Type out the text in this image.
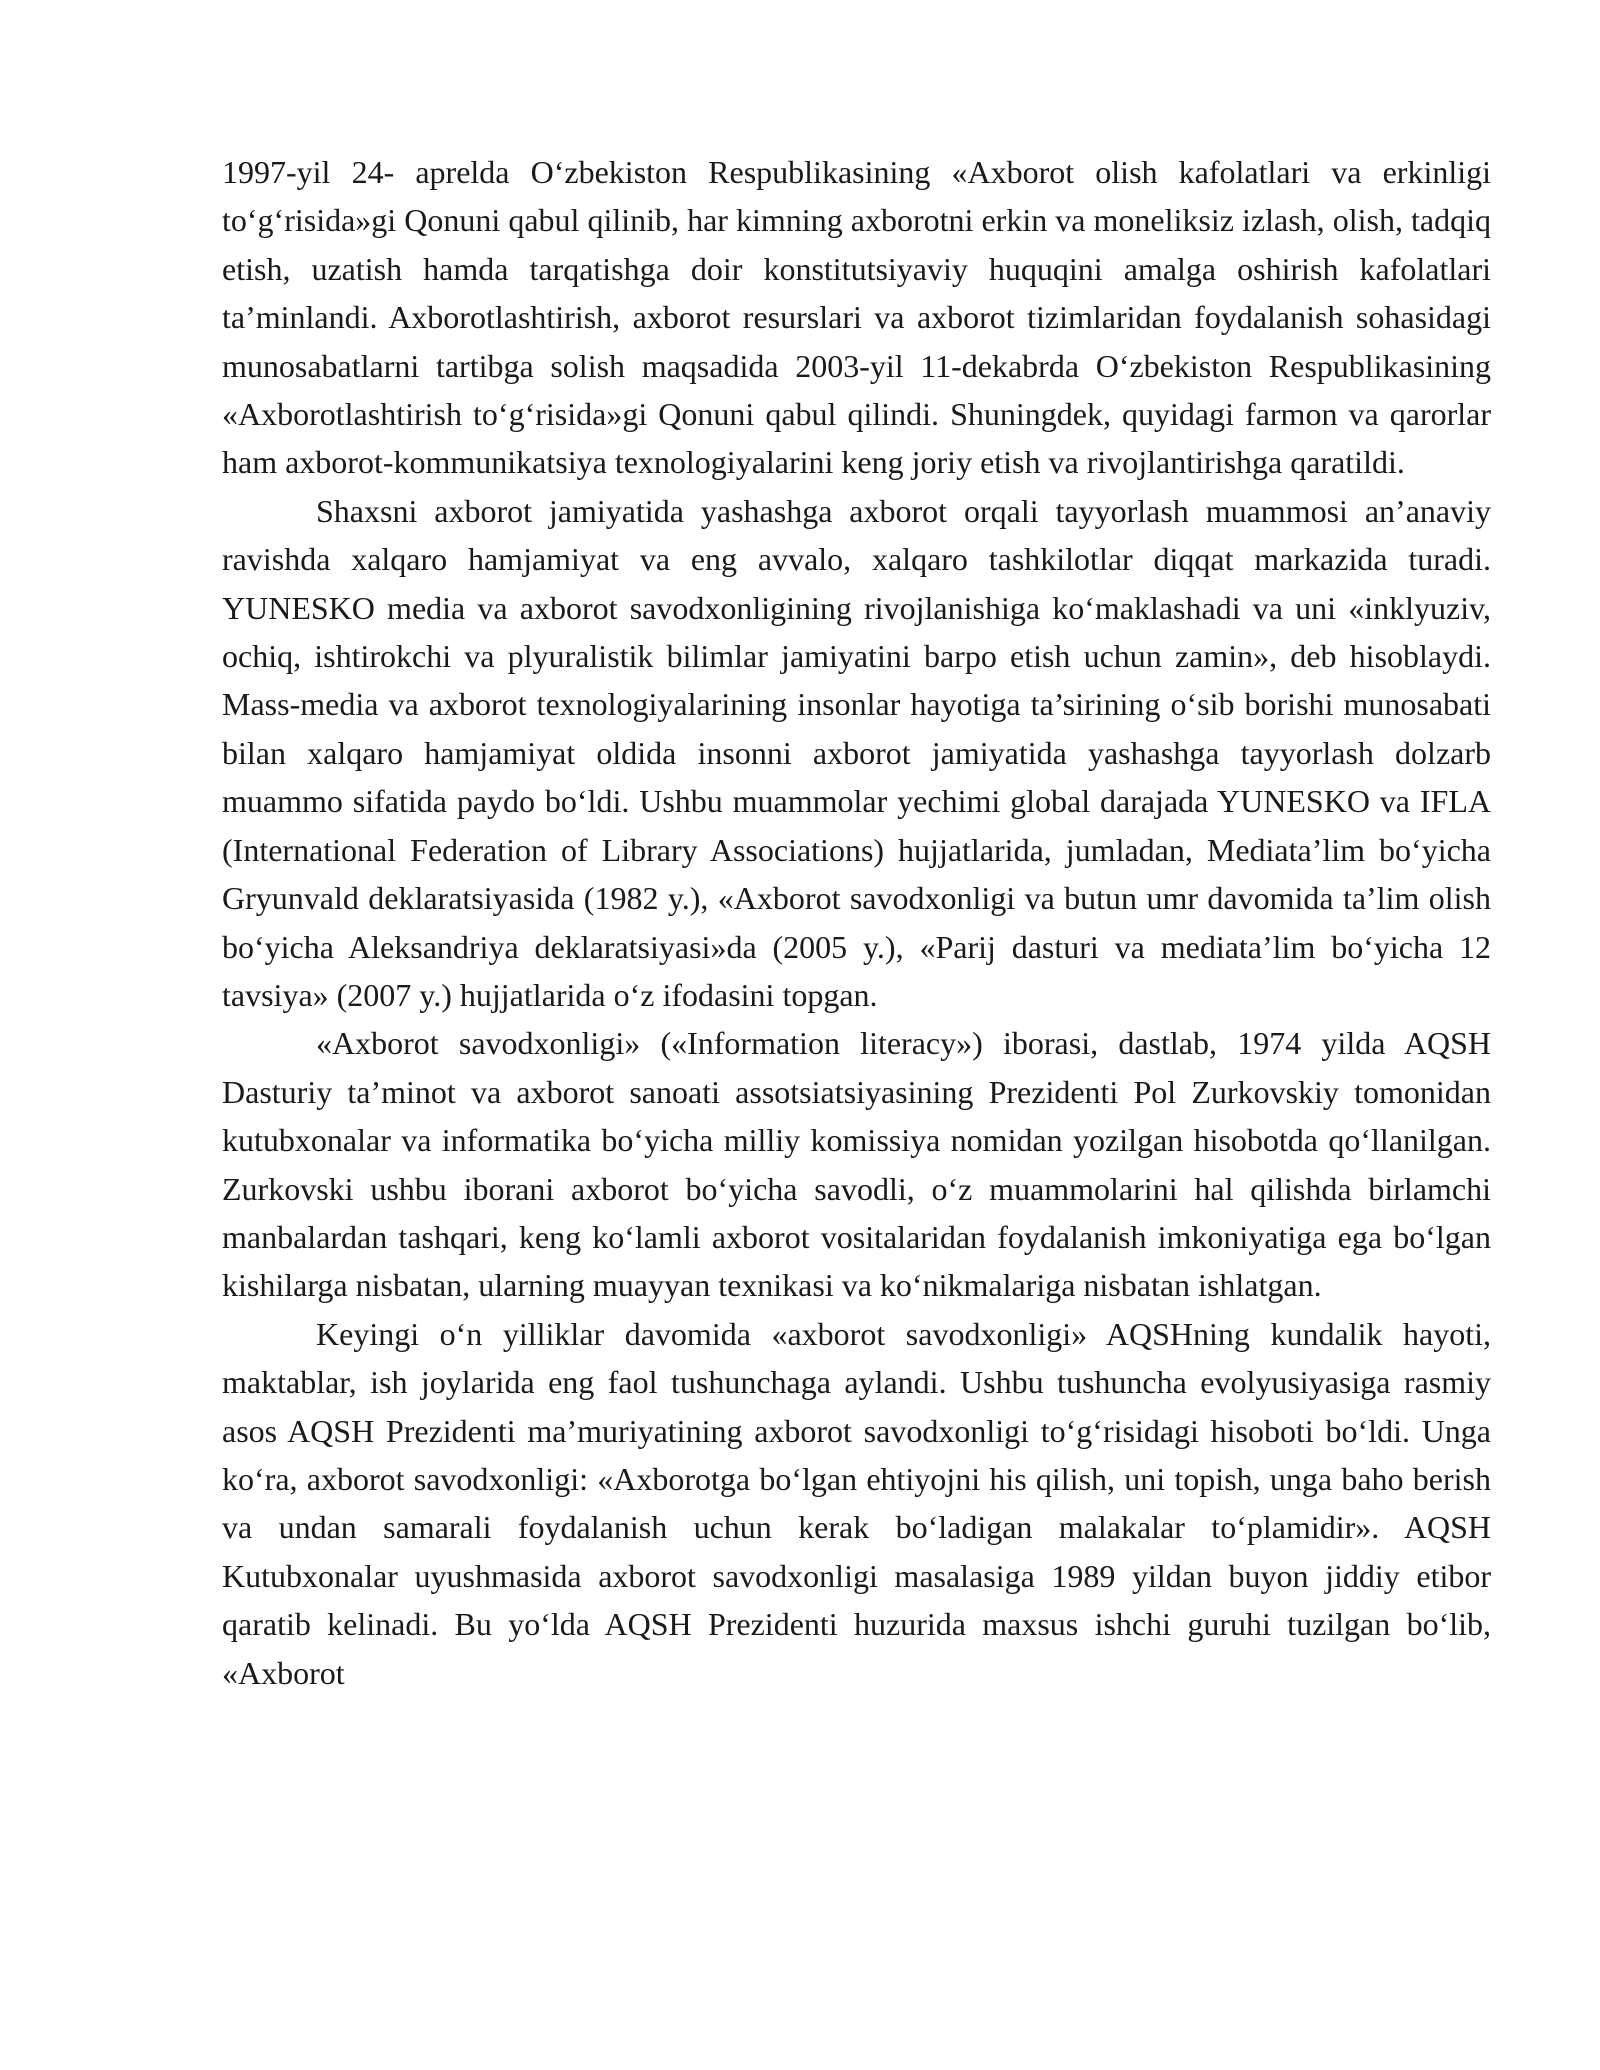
1997-yil 24- aprelda O‘zbekiston Respublikasining «Axborot olish kafolatlari va erkinligi to‘g‘risida»gi Qonuni qabul qilinib, har kimning axborotni erkin va moneliksiz izlash, olish, tadqiq etish, uzatish hamda tarqatishga doir konstitutsiyaviy huquqini amalga oshirish kafolatlari ta’minlandi. Axborotlashtirish, axborot resurslari va axborot tizimlaridan foydalanish sohasidagi munosabatlarni tartibga solish maqsadida 2003-yil 11-dekabrda O‘zbekiston Respublikasining «Axborotlashtirish to‘g‘risida»gi Qonuni qabul qilindi. Shuningdek, quyidagi farmon va qarorlar ham axborot-kommunikatsiya texnologiyalarini keng joriy etish va rivojlantirishga qaratildi.

Shaxsni axborot jamiyatida yashashga axborot orqali tayyorlash muammosi an’anaviy ravishda xalqaro hamjamiyat va eng avvalo, xalqaro tashkilotlar diqqat markazida turadi. YUNESKO media va axborot savodxonligining rivojlanishiga ko‘maklashadi va uni «inklyuziv, ochiq, ishtirokchi va plyuralistik bilimlar jamiyatini barpo etish uchun zamin», deb hisoblaydi. Mass-media va axborot texnologiyalarining insonlar hayotiga ta’sirining o‘sib borishi munosabati bilan xalqaro hamjamiyat oldida insonni axborot jamiyatida yashashga tayyorlash dolzarb muammo sifatida paydo bo‘ldi. Ushbu muammolar yechimi global darajada YUNESKO va IFLA (International Federation of Library Associations) hujjatlarida, jumladan, Mediata’lim bo‘yicha Gryunvald deklaratsiyasida (1982 y.), «Axborot savodxonligi va butun umr davomida ta’lim olish bo‘yicha Aleksandriya deklaratsiyasi»da (2005 y.), «Parij dasturi va mediata’lim bo‘yicha 12 tavsiya» (2007 y.) hujjatlarida o‘z ifodasini topgan.

«Axborot savodxonligi» («Information literacy») iborasi, dastlab, 1974 yilda AQSH Dasturiy ta’minot va axborot sanoati assotsiatsiyasining Prezidenti Pol Zurkovskiy tomonidan kutubxonalar va informatika bo‘yicha milliy komissiya nomidan yozilgan hisobotda qo‘llanilgan. Zurkovski ushbu iborani axborot bo‘yicha savodli, o‘z muammolarini hal qilishda birlamchi manbalardan tashqari, keng ko‘lamli axborot vositalaridan foydalanish imkoniyatiga ega bo‘lgan kishilarga nisbatan, ularning muayyan texnikasi va ko‘nikmalariga nisbatan ishlatgan.

Keyingi o‘n yilliklar davomida «axborot savodxonligi» AQSHning kundalik hayoti, maktablar, ish joylarida eng faol tushunchaga aylandi. Ushbu tushuncha evolyusiyasiga rasmiy asos AQSH Prezidenti ma’muriyatining axborot savodxonligi to‘g‘risidagi hisoboti bo‘ldi. Unga ko‘ra, axborot savodxonligi: «Axborotga bo‘lgan ehtiyojni his qilish, uni topish, unga baho berish va undan samarali foydalanish uchun kerak bo‘ladigan malakalar to‘plamidir». AQSH Kutubxonalar uyushmasida axborot savodxonligi masalasiga 1989 yildan buyon jiddiy etibor qaratib kelinadi. Bu yo‘lda AQSH Prezidenti huzurida maxsus ishchi guruhi tuzilgan bo‘lib, «Axborot
